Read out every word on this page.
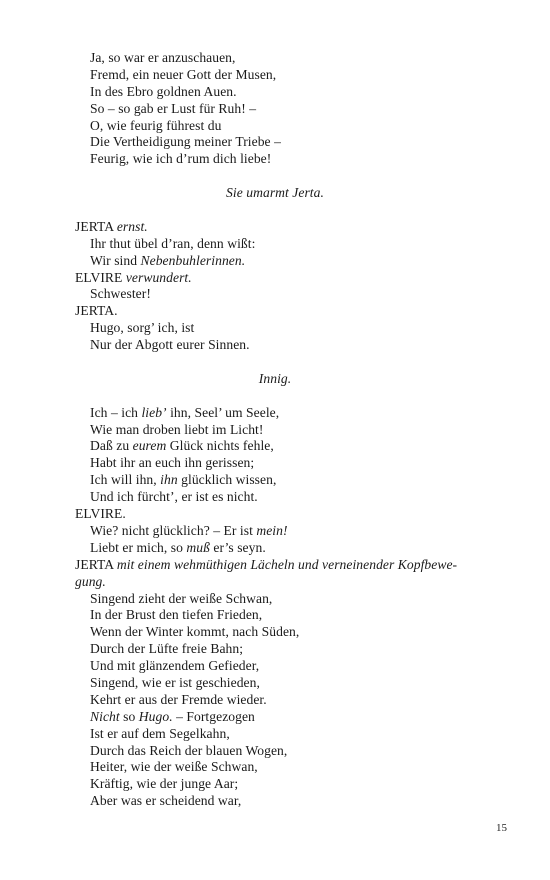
Ja, so war er anzuschauen,
Fremd, ein neuer Gott der Musen,
In des Ebro goldnen Auen.
So – so gab er Lust für Ruh! –
O, wie feurig führest du
Die Vertheidigung meiner Triebe –
Feurig, wie ich d’rum dich liebe!
Sie umarmt Jerta.
JERTA ernst.
Ihr thut übel d’ran, denn wißt:
Wir sind Nebenbuhlerinnen.
ELVIRE verwundert.
Schwester!
JERTA.
Hugo, sorg’ ich, ist
Nur der Abgott eurer Sinnen.
Innig.
Ich – ich lieb’ ihn, Seel’ um Seele,
Wie man droben liebt im Licht!
Daß zu eurem Glück nichts fehle,
Habt ihr an euch ihn gerissen;
Ich will ihn, ihn glücklich wissen,
Und ich fürcht’, er ist es nicht.
ELVIRE.
Wie? nicht glücklich? – Er ist mein!
Liebt er mich, so muß er’s seyn.
JERTA mit einem wehmüthigen Lächeln und verneinender Kopfbewe-
gung.
Singend zieht der weiße Schwan,
In der Brust den tiefen Frieden,
Wenn der Winter kommt, nach Süden,
Durch der Lüfte freie Bahn;
Und mit glänzendem Gefieder,
Singend, wie er ist geschieden,
Kehrt er aus der Fremde wieder.
Nicht so Hugo. – Fortgezogen
Ist er auf dem Segelkahn,
Durch das Reich der blauen Wogen,
Heiter, wie der weiße Schwan,
Kräftig, wie der junge Aar;
Aber was er scheidend war,
15
